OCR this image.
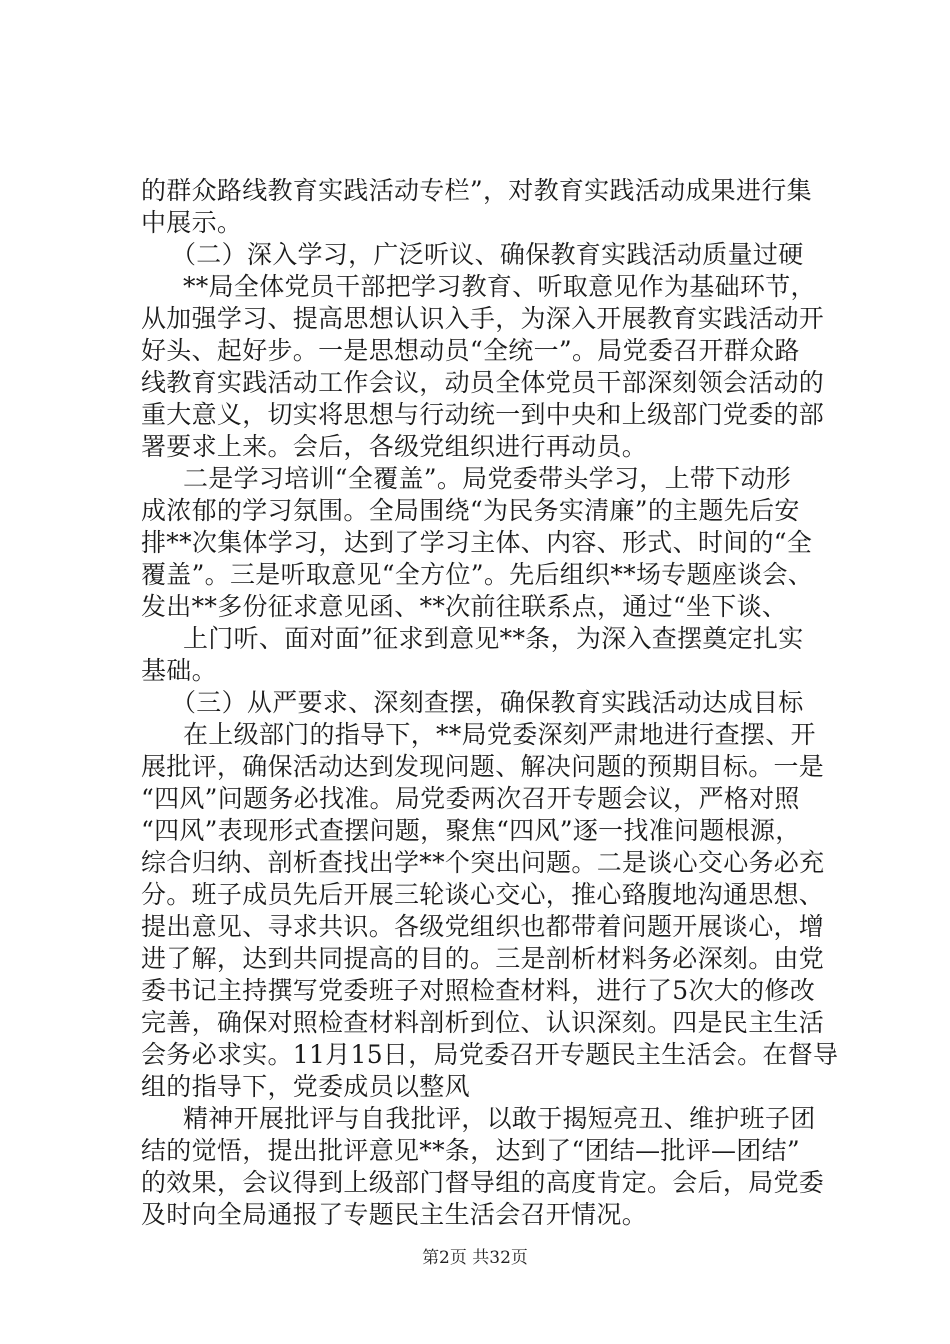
的群众路线教育实践活动专栏”，对教育实践活动成果进行集
中展示。
（二）深入学习，广泛听议、确保教育实践活动质量过硬
**局全体党员干部把学习教育、听取意见作为基础环节，
从加强学习、提高思想认识入手，为深入开展教育实践活动开
好头、起好步。一是思想动员“全统一”。局党委召开群众路
线教育实践活动工作会议，动员全体党员干部深刻领会活动的
重大意义，切实将思想与行动统一到中央和上级部门党委的部
署要求上来。会后，各级党组织进行再动员。
二是学习培训“全覆盖”。局党委带头学习，上带下动形
成浓郁的学习氛围。全局围绕“为民务实清廉”的主题先后安
排**次集体学习，达到了学习主体、内容、形式、时间的“全
覆盖”。三是听取意见“全方位”。先后组织**场专题座谈会、
发出**多份征求意见函、**次前往联系点，通过“坐下谈、
上门听、面对面”征求到意见**条，为深入查摆奠定扎实
基础。
（三）从严要求、深刻查摆，确保教育实践活动达成目标
在上级部门的指导下，**局党委深刻严肃地进行查摆、开
展批评，确保活动达到发现问题、解决问题的预期目标。一是
“四风”问题务必找准。局党委两次召开专题会议，严格对照
“四风”表现形式查摆问题，聚焦“四风”逐一找准问题根源，
综合归纳、剖析查找出学**个突出问题。二是谈心交心务必充
分。班子成员先后开展三轮谈心交心，推心臵腹地沟通思想、
提出意见、寻求共识。各级党组织也都带着问题开展谈心，增
进了解，达到共同提高的目的。三是剖析材料务必深刻。由党
委书记主持撰写党委班子对照检查材料，进行了5次大的修改
完善，确保对照检查材料剖析到位、认识深刻。四是民主生活
会务必求实。11月15日，局党委召开专题民主生活会。在督导
组的指导下，党委成员以整风
精神开展批评与自我批评，以敢于揭短亮丑、维护班子团
结的觉悟，提出批评意见**条，达到了“团结—批评—团结”
的效果，会议得到上级部门督导组的高度肯定。会后，局党委
及时向全局通报了专题民主生活会召开情况。
第2页 共32页
